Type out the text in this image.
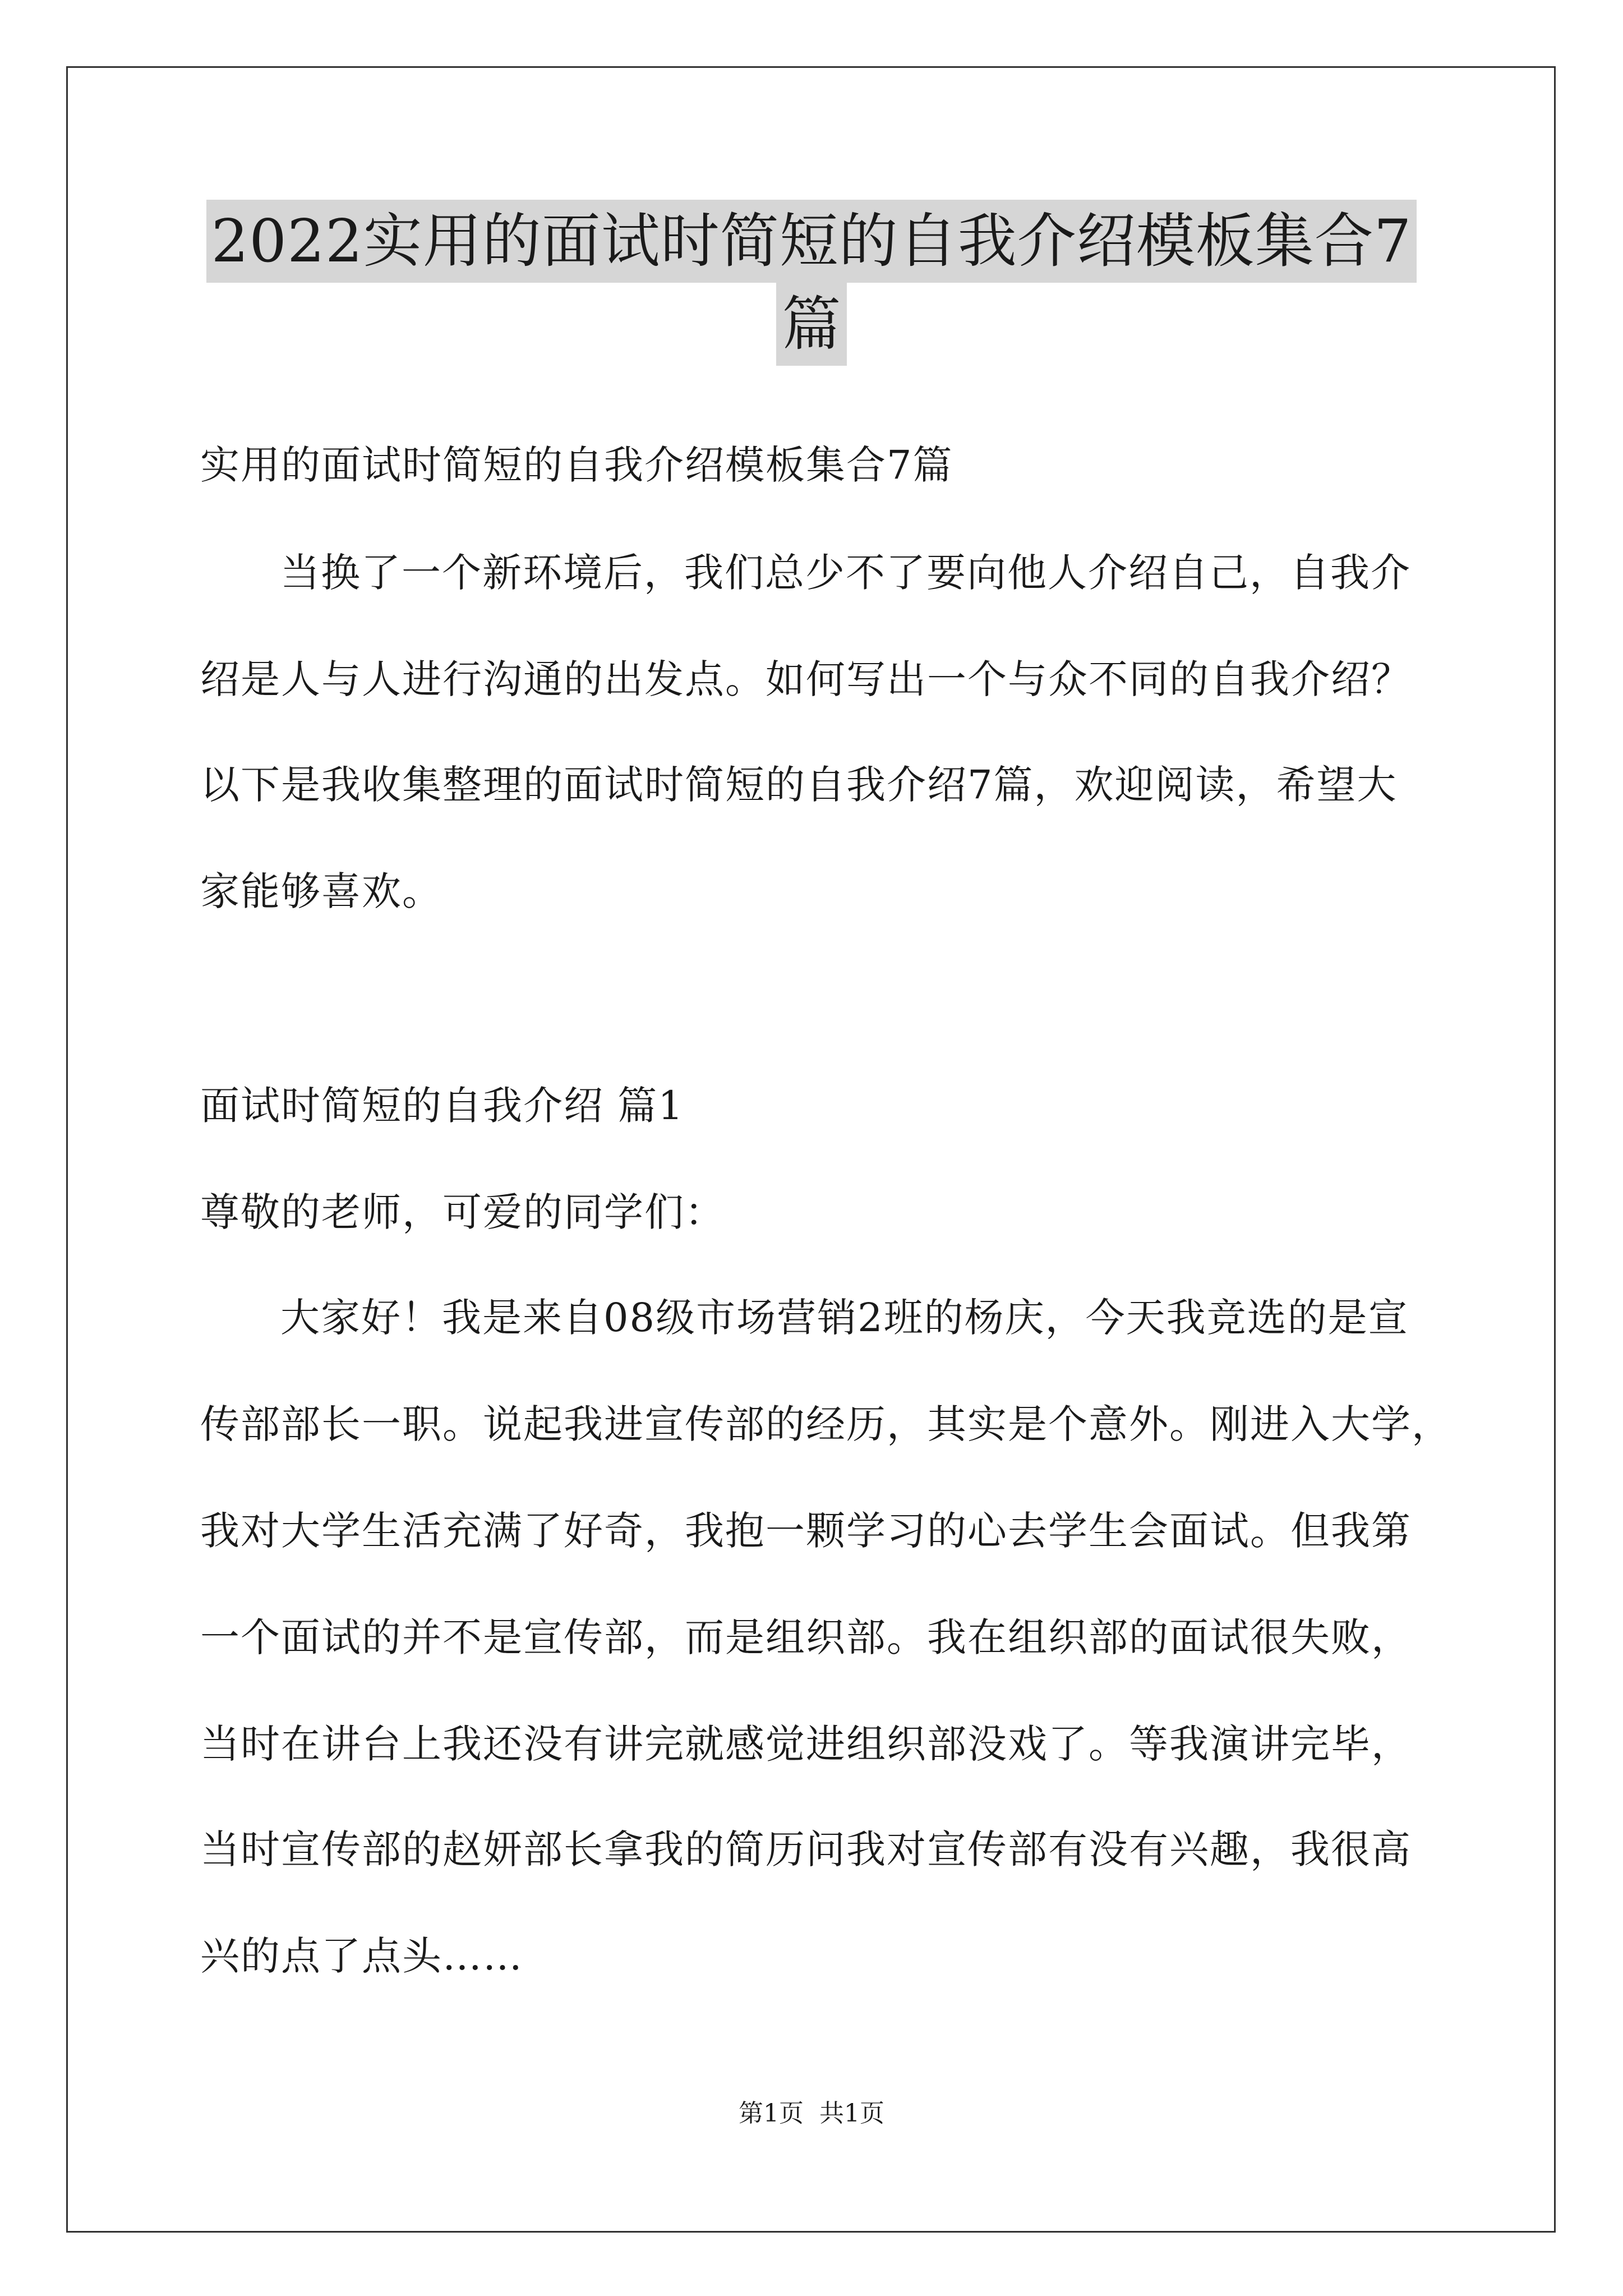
2022实用的面试时简短的自我介绍模板集合7
篇
实用的面试时简短的自我介绍模板集合7篇
当换了一个新环境后，我们总少不了要向他人介绍自己，自我介
绍是人与人进行沟通的出发点。如何写出一个与众不同的自我介绍？
以下是我收集整理的面试时简短的自我介绍7篇，欢迎阅读，希望大
家能够喜欢。
面试时简短的自我介绍 篇1
尊敬的老师，可爱的同学们：
大家好！我是来自08级市场营销2班的杨庆，今天我竞选的是宣
传部部长一职。说起我进宣传部的经历，其实是个意外。刚进入大学，
我对大学生活充满了好奇，我抱一颗学习的心去学生会面试。但我第
一个面试的并不是宣传部，而是组织部。我在组织部的面试很失败，
当时在讲台上我还没有讲完就感觉进组织部没戏了。等我演讲完毕，
当时宣传部的赵妍部长拿我的简历问我对宣传部有没有兴趣，我很高
兴的点了点头……
第1页  共1页
